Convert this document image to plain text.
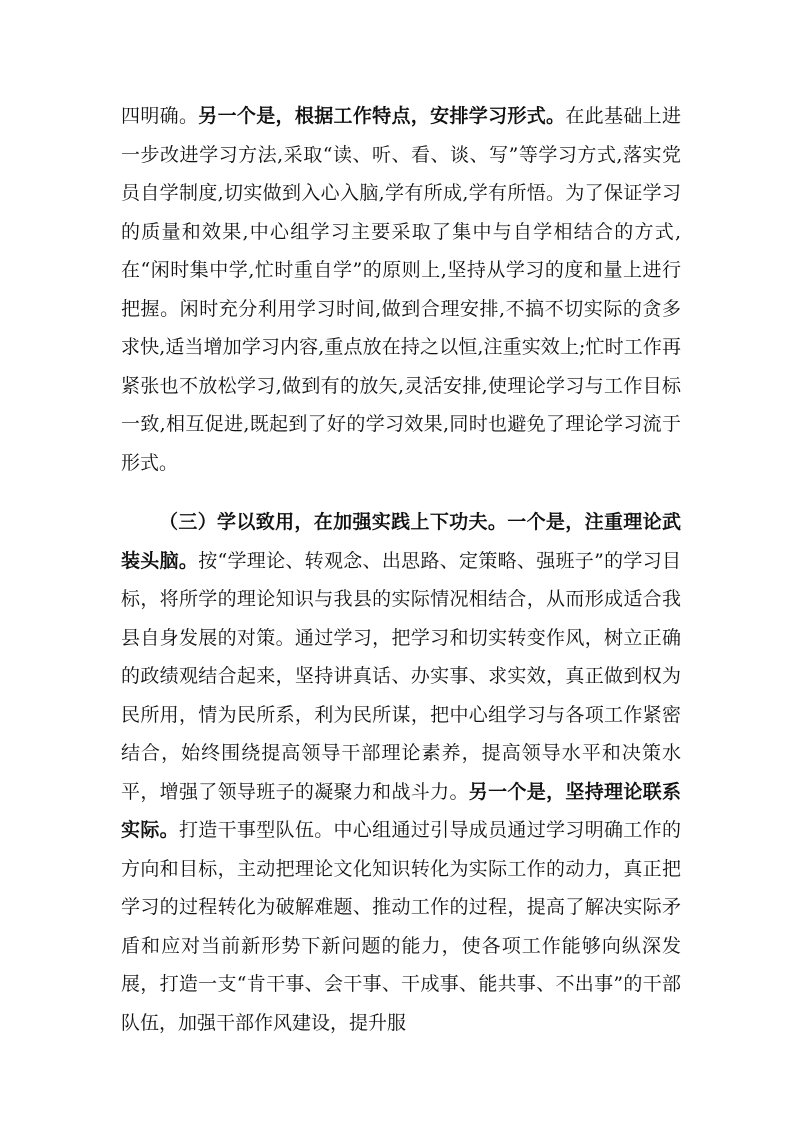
四明确。另一个是，根据工作特点，安排学习形式。在此基础上进一步改进学习方法,采取“读、听、看、谈、写”等学习方式,落实党员自学制度,切实做到入心入脑,学有所成,学有所悟。为了保证学习的质量和效果,中心组学习主要采取了集中与自学相结合的方式,在“闲时集中学,忙时重自学”的原则上,坚持从学习的度和量上进行把握。闲时充分利用学习时间,做到合理安排,不搞不切实际的贪多求快,适当增加学习内容,重点放在持之以恒,注重实效上;忙时工作再紧张也不放松学习,做到有的放矢,灵活安排,使理论学习与工作目标一致,相互促进,既起到了好的学习效果,同时也避免了理论学习流于形式。

（三）学以致用，在加强实践上下功夫。一个是，注重理论武装头脑。按“学理论、转观念、出思路、定策略、强班子”的学习目标，将所学的理论知识与我县的实际情况相结合，从而形成适合我县自身发展的对策。通过学习，把学习和切实转变作风，树立正确的政绩观结合起来，坚持讲真话、办实事、求实效，真正做到权为民所用，情为民所系，利为民所谋，把中心组学习与各项工作紧密结合，始终围绕提高领导干部理论素养，提高领导水平和决策水平，增强了领导班子的凝聚力和战斗力。另一个是，坚持理论联系实际。打造干事型队伍。中心组通过引导成员通过学习明确工作的方向和目标，主动把理论文化知识转化为实际工作的动力，真正把学习的过程转化为破解难题、推动工作的过程，提高了解决实际矛盾和应对当前新形势下新问题的能力，使各项工作能够向纵深发展，打造一支“肯干事、会干事、干成事、能共事、不出事”的干部队伍，加强干部作风建设，提升服
